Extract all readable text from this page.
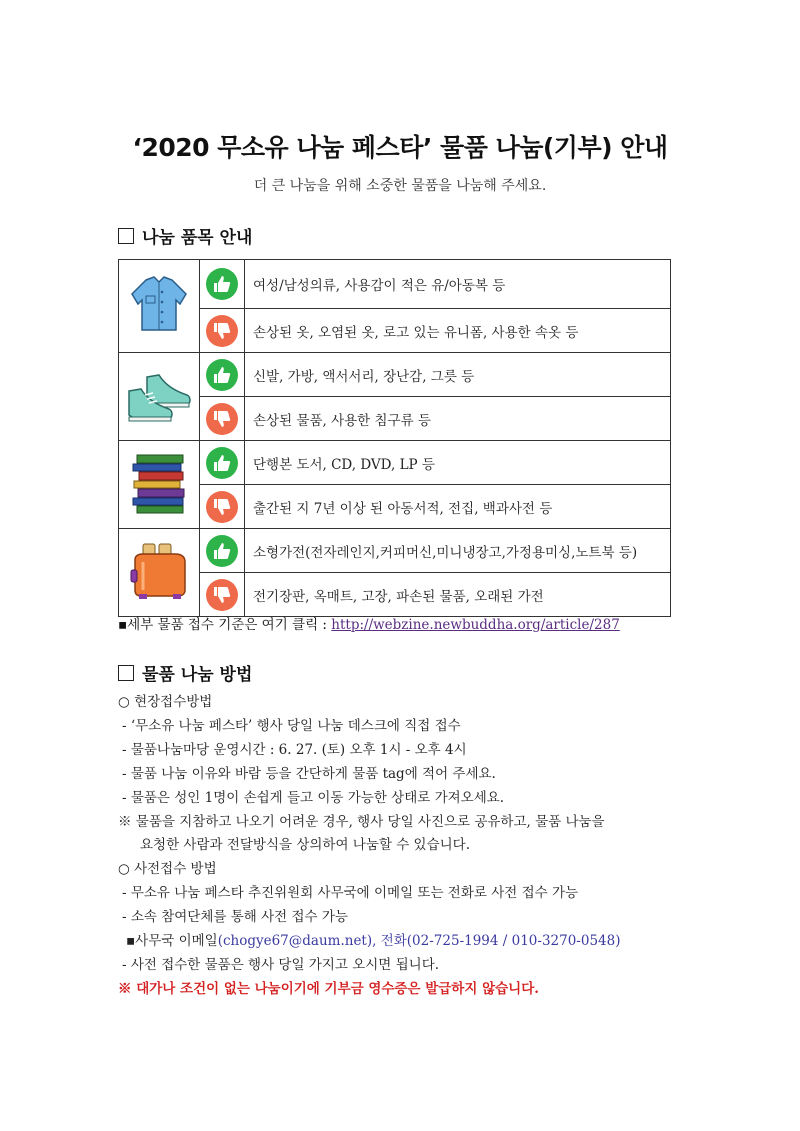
‘2020 무소유 나눔 페스타’ 물품 나눔(기부) 안내
더 큰 나눔을 위해 소중한 물품을 나눔해 주세요.
나눔 품목 안내

	여성/남성의류, 사용감이 적은 유/아동복 등

	손상된 옷, 오염된 옷, 로고 있는 유니폼, 사용한 속옷 등

	신발, 가방, 액서서리, 장난감, 그릇 등

	손상된 물품, 사용한 침구류 등

	단행본 도서, CD, DVD, LP 등

	출간된 지 7년 이상 된 아동서적, 전집, 백과사전 등

	소형가전(전자레인지,커피머신,미니냉장고,가정용미싱,노트북 등)

	전기장판, 옥매트, 고장, 파손된 물품, 오래된 가전
▪세부 물품 접수 기준은 여기 클릭 : http://webzine.newbuddha.org/article/287
물품 나눔 방법
○ 현장접수방법
- ‘무소유 나눔 페스타’ 행사 당일 나눔 데스크에 직접 접수
- 물품나눔마당 운영시간 : 6. 27. (토) 오후 1시 - 오후 4시
- 물품 나눔 이유와 바람 등을 간단하게 물품 tag에 적어 주세요.
- 물품은 성인 1명이 손쉽게 들고 이동 가능한 상태로 가져오세요.
※ 물품을 지참하고 나오기 어려운 경우, 행사 당일 사진으로 공유하고, 물품 나눔을
요청한 사람과 전달방식을 상의하여 나눔할 수 있습니다.
○ 사전접수 방법
- 무소유 나눔 페스타 추진위원회 사무국에 이메일 또는 전화로 사전 접수 가능
- 소속 참여단체를 통해 사전 접수 가능
▪사무국 이메일(chogye67@daum.net), 전화(02-725-1994 / 010-3270-0548)
- 사전 접수한 물품은 행사 당일 가지고 오시면 됩니다.
※ 대가나 조건이 없는 나눔이기에 기부금 영수증은 발급하지 않습니다.
